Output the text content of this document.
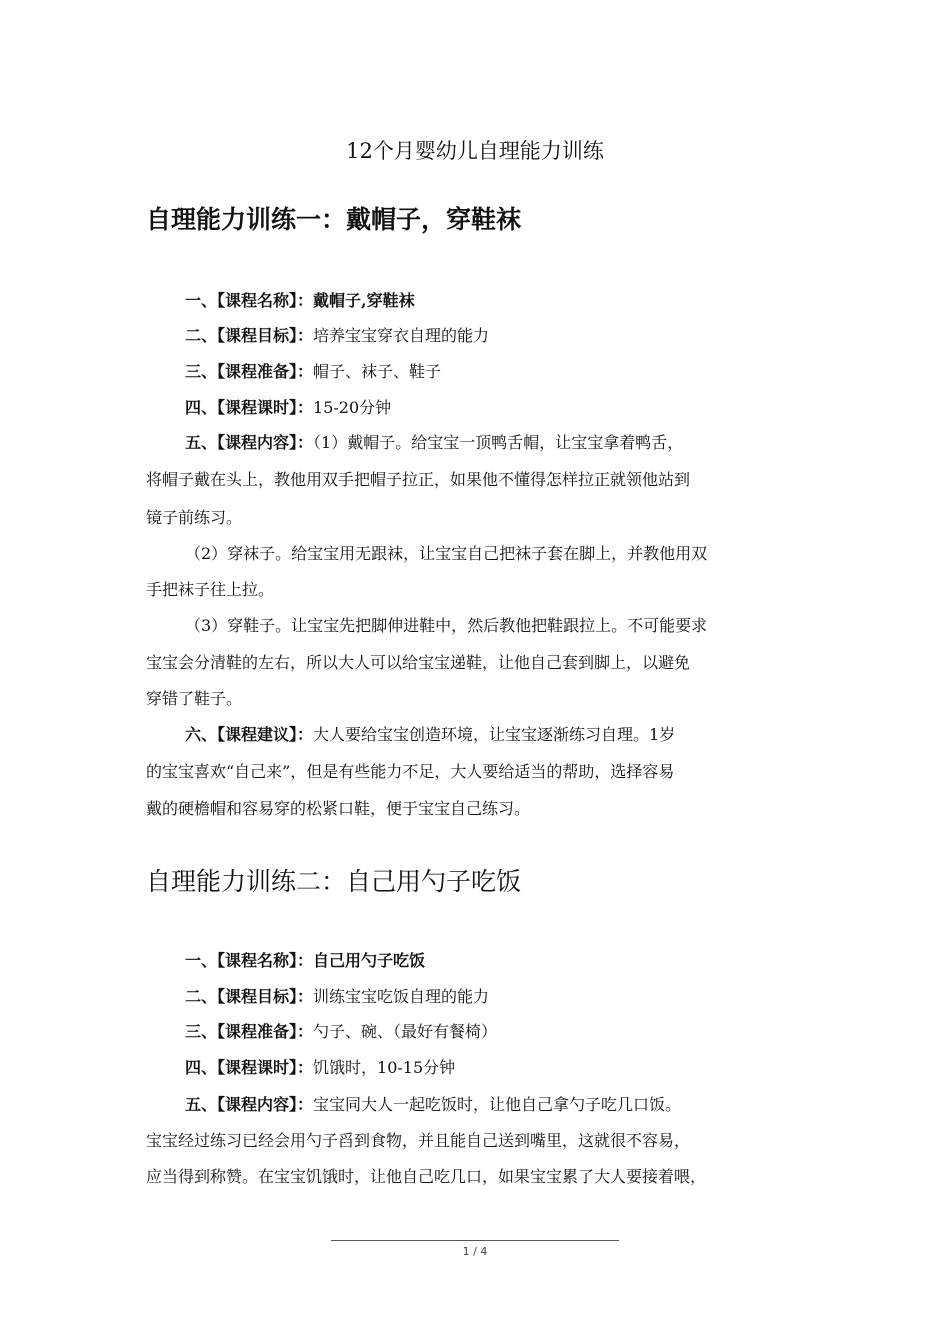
12个月婴幼儿自理能力训练
自理能力训练一：戴帽子，穿鞋袜
一、【课程名称】：戴帽子,穿鞋袜
二、【课程目标】：培养宝宝穿衣自理的能力
三、【课程准备】：帽子、袜子、鞋子
四、【课程课时】：15-20分钟
五、【课程内容】：（1）戴帽子。给宝宝一顶鸭舌帽，让宝宝拿着鸭舌，
将帽子戴在头上，教他用双手把帽子拉正，如果他不懂得怎样拉正就领他站到
镜子前练习。
（2）穿袜子。给宝宝用无跟袜，让宝宝自己把袜子套在脚上，并教他用双
手把袜子往上拉。
（3）穿鞋子。让宝宝先把脚伸进鞋中，然后教他把鞋跟拉上。不可能要求
宝宝会分清鞋的左右，所以大人可以给宝宝递鞋，让他自己套到脚上，以避免
穿错了鞋子。
六、【课程建议】：大人要给宝宝创造环境，让宝宝逐渐练习自理。1岁
的宝宝喜欢“自己来”，但是有些能力不足，大人要给适当的帮助，选择容易
戴的硬檐帽和容易穿的松紧口鞋，便于宝宝自己练习。
自理能力训练二：自己用勺子吃饭
一、【课程名称】：自己用勺子吃饭
二、【课程目标】：训练宝宝吃饭自理的能力
三、【课程准备】：勺子、碗、（最好有餐椅）
四、【课程课时】：饥饿时，10-15分钟
五、【课程内容】：宝宝同大人一起吃饭时，让他自己拿勺子吃几口饭。
宝宝经过练习已经会用勺子舀到食物，并且能自己送到嘴里，这就很不容易，
应当得到称赞。在宝宝饥饿时，让他自己吃几口，如果宝宝累了大人要接着喂，
1 / 4
